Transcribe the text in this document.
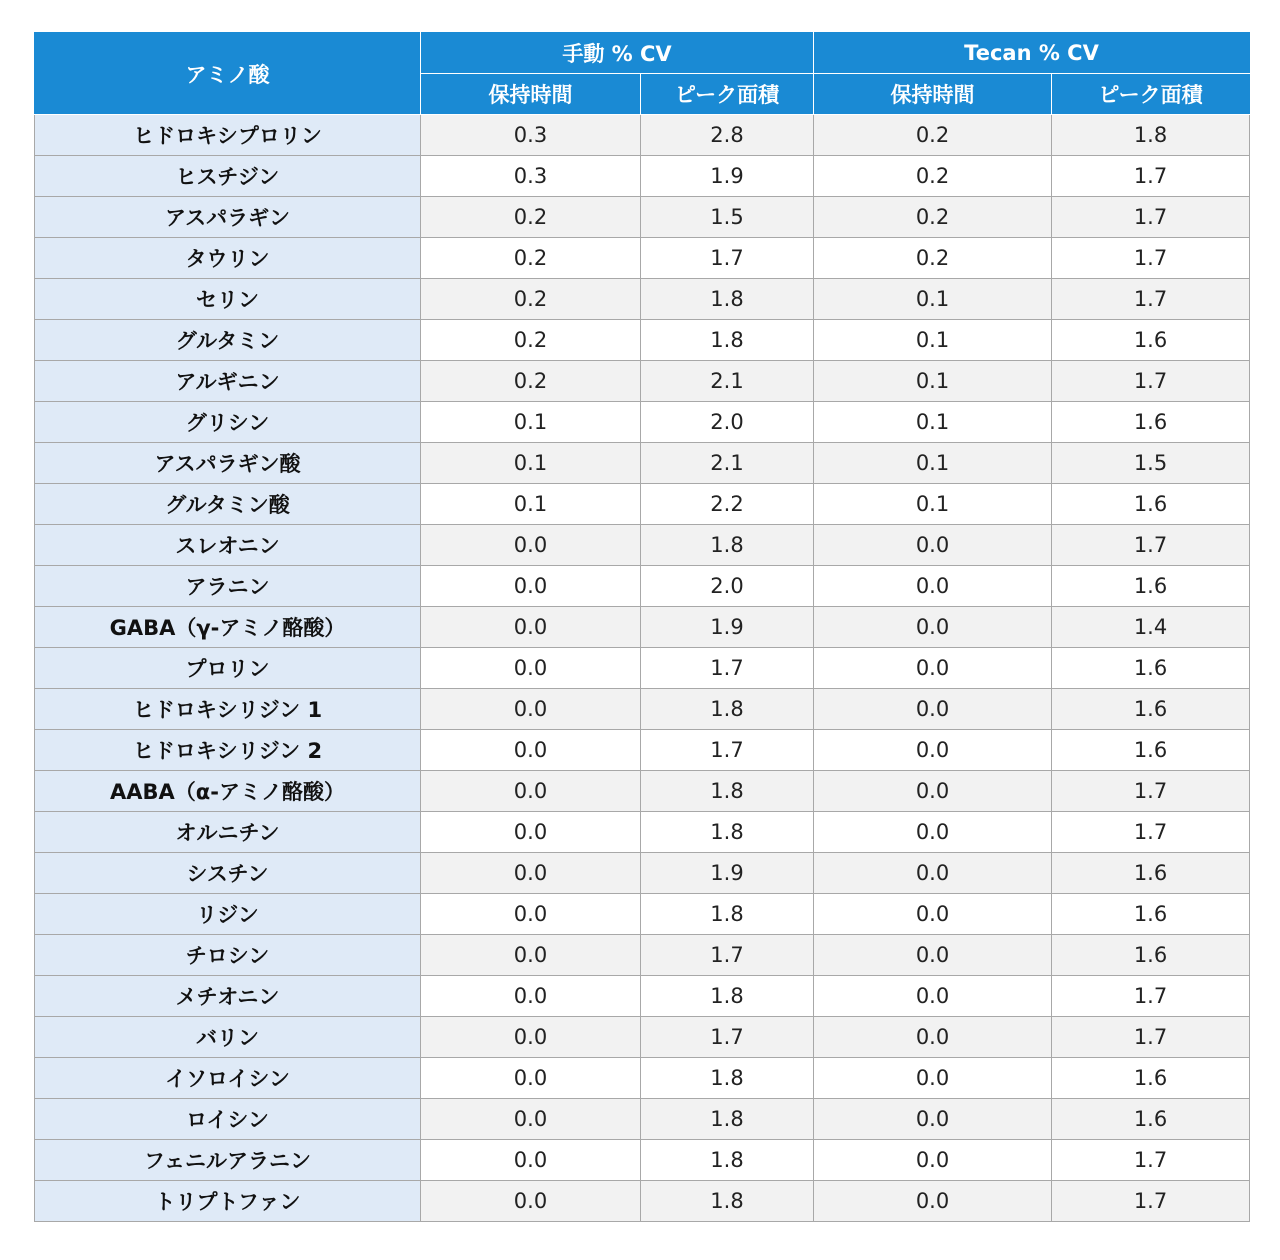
アミノ酸	手動 % CV		Tecan % CV	
	保持時間	ピーク面積	保持時間	ピーク面積
ヒドロキシプロリン	0.3	2.8	0.2	1.8
ヒスチジン	0.3	1.9	0.2	1.7
アスパラギン	0.2	1.5	0.2	1.7
タウリン	0.2	1.7	0.2	1.7
セリン	0.2	1.8	0.1	1.7
グルタミン	0.2	1.8	0.1	1.6
アルギニン	0.2	2.1	0.1	1.7
グリシン	0.1	2.0	0.1	1.6
アスパラギン酸	0.1	2.1	0.1	1.5
グルタミン酸	0.1	2.2	0.1	1.6
スレオニン	0.0	1.8	0.0	1.7
アラニン	0.0	2.0	0.0	1.6
GABA（γ-アミノ酪酸）	0.0	1.9	0.0	1.4
プロリン	0.0	1.7	0.0	1.6
ヒドロキシリジン 1	0.0	1.8	0.0	1.6
ヒドロキシリジン 2	0.0	1.7	0.0	1.6
AABA（α-アミノ酪酸）	0.0	1.8	0.0	1.7
オルニチン	0.0	1.8	0.0	1.7
シスチン	0.0	1.9	0.0	1.6
リジン	0.0	1.8	0.0	1.6
チロシン	0.0	1.7	0.0	1.6
メチオニン	0.0	1.8	0.0	1.7
バリン	0.0	1.7	0.0	1.7
イソロイシン	0.0	1.8	0.0	1.6
ロイシン	0.0	1.8	0.0	1.6
フェニルアラニン	0.0	1.8	0.0	1.7
トリプトファン	0.0	1.8	0.0	1.7
